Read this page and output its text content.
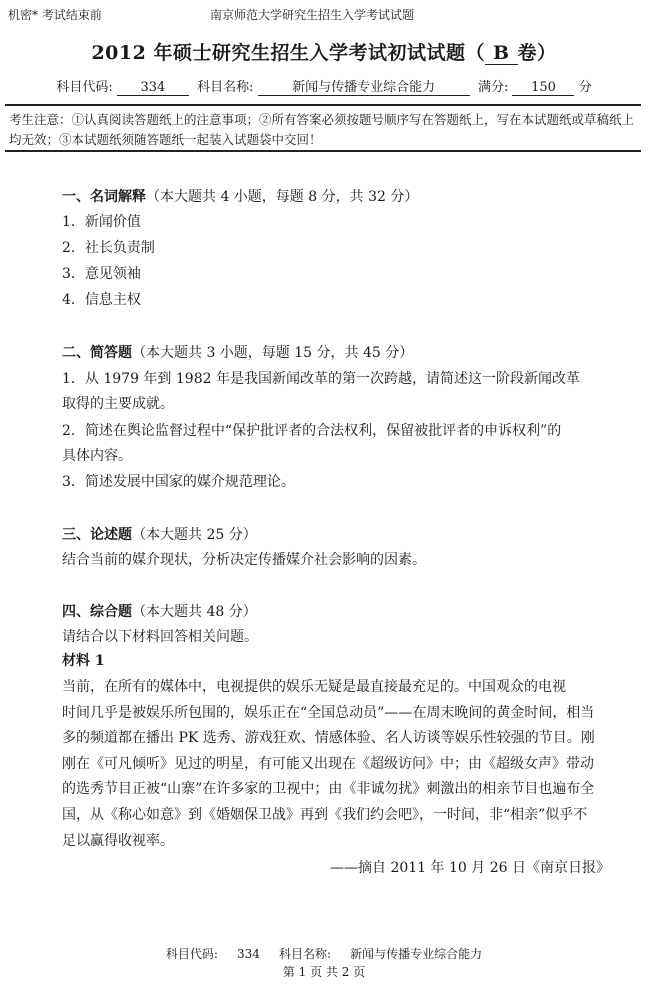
机密* 考试结束前	南京师范大学研究生招生入学考试试题
2012 年硕士研究生招生入学考试初试试题（ B 卷）
科目代码: 334 科目名称:	新闻与传播专业综合能力	满分: 150 分
考生注意：①认真阅读答题纸上的注意事项；②所有答案必须按题号顺序写在答题纸上，写在本试题纸或草稿纸上均无效；③本试题纸须随答题纸一起装入试题袋中交回！
一、名词解释（本大题共 4 小题，每题 8 分，共 32 分）
1．新闻价值
2．社长负责制
3．意见领袖
4．信息主权
二、简答题（本大题共 3 小题，每题 15 分，共 45 分）
1．从 1979 年到 1982 年是我国新闻改革的第一次跨越，请简述这一阶段新闻改革
取得的主要成就。
2．简述在舆论监督过程中“保护批评者的合法权利，保留被批评者的申诉权利”的
具体内容。
3．简述发展中国家的媒介规范理论。
三、论述题（本大题共 25 分）
结合当前的媒介现状，分析决定传播媒介社会影响的因素。
四、综合题（本大题共 48 分）
请结合以下材料回答相关问题。
材料 1
当前，在所有的媒体中，电视提供的娱乐无疑是最直接最充足的。中国观众的电视
时间几乎是被娱乐所包围的，娱乐正在“全国总动员”——在周末晚间的黄金时间，相当
多的频道都在播出 PK 选秀、游戏狂欢、情感体验、名人访谈等娱乐性较强的节目。刚
刚在《可凡倾听》见过的明星，有可能又出现在《超级访问》中；由《超级女声》带动
的选秀节目正被“山寨”在许多家的卫视中；由《非诚勿扰》刺激出的相亲节目也遍布全
国，从《称心如意》到《婚姻保卫战》再到《我们约会吧》，一时间，非“相亲”似乎不
足以赢得收视率。
——摘自 2011 年 10 月 26 日《南京日报》
科目代码:     334     科目名称:     新闻与传播专业综合能力
第 1 页 共 2 页
